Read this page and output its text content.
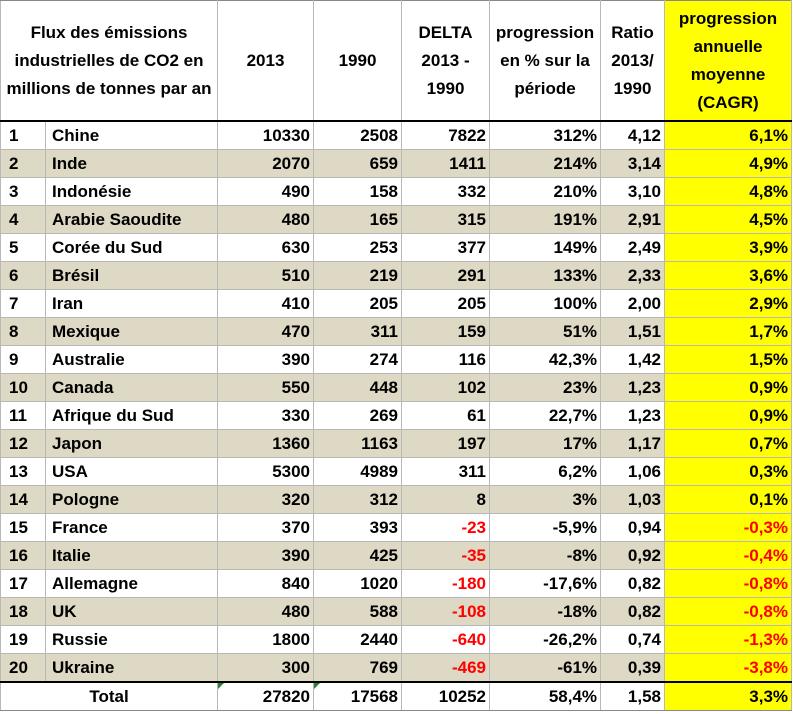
Flux des émissions industrielles de CO2 en millions de tonnes par an		2013	1990	DELTA 2013 - 1990	progression en % sur la période	Ratio 2013/ 1990	progression annuelle moyenne (CAGR)
1	Chine	10330	2508	7822	312%	4,12	6,1%
2	Inde	2070	659	1411	214%	3,14	4,9%
3	Indonésie	490	158	332	210%	3,10	4,8%
4	Arabie Saoudite	480	165	315	191%	2,91	4,5%
5	Corée du Sud	630	253	377	149%	2,49	3,9%
6	Brésil	510	219	291	133%	2,33	3,6%
7	Iran	410	205	205	100%	2,00	2,9%
8	Mexique	470	311	159	51%	1,51	1,7%
9	Australie	390	274	116	42,3%	1,42	1,5%
10	Canada	550	448	102	23%	1,23	0,9%
11	Afrique du Sud	330	269	61	22,7%	1,23	0,9%
12	Japon	1360	1163	197	17%	1,17	0,7%
13	USA	5300	4989	311	6,2%	1,06	0,3%
14	Pologne	320	312	8	3%	1,03	0,1%
15	France	370	393	-23	-5,9%	0,94	-0,3%
16	Italie	390	425	-35	-8%	0,92	-0,4%
17	Allemagne	840	1020	-180	-17,6%	0,82	-0,8%
18	UK	480	588	-108	-18%	0,82	-0,8%
19	Russie	1800	2440	-640	-26,2%	0,74	-1,3%
20	Ukraine	300	769	-469	-61%	0,39	-3,8%
Total		27820	17568	10252	58,4%	1,58	3,3%
